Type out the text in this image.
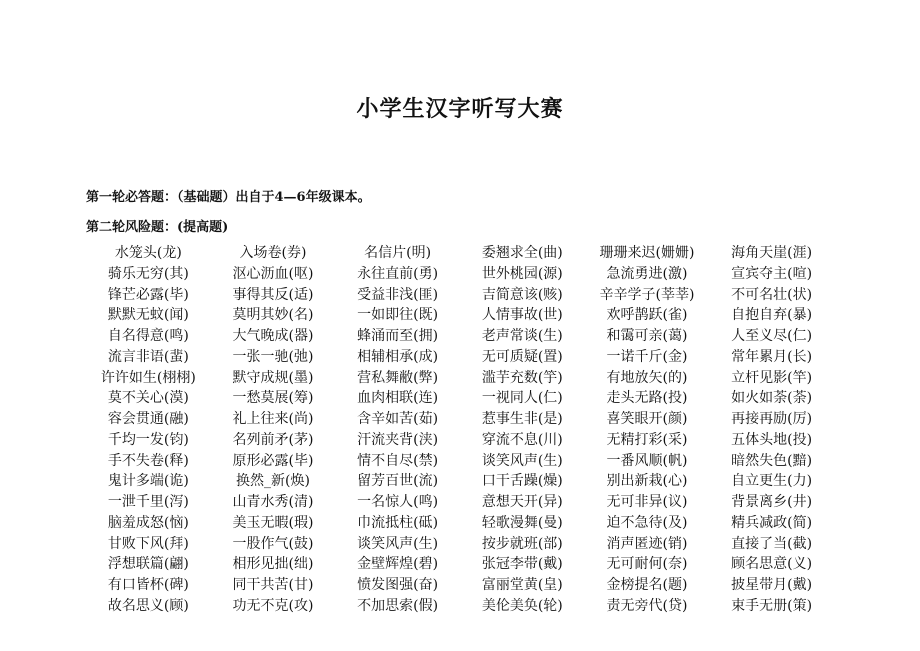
小学生汉字听写大赛
第一轮必答题：（基础题）出自于4—6年级课本。
第二轮风险题：(提高题)
水笼头(龙)	入场卷(券)	名信片(明)	委翘求全(曲)	珊珊来迟(姗姗)	海角天崖(涯)
骑乐无穷(其)	沤心沥血(呕)	永往直前(勇)	世外桃园(源)	急流勇进(激)	宣宾夺主(喧)
锋芒必露(毕)	事得其反(适)	受益非浅(匪)	吉简意该(赅)	辛辛学子(莘莘)	不可名壮(状)
默默无蚊(闻)	莫明其妙(名)	一如即往(既)	人情事故(世)	欢呼鹊跃(雀)	自抱自弃(暴)
自名得意(鸣)	大气晚成(器)	蜂涌而至(拥)	老声常谈(生)	和霭可亲(蔼)	人至义尽(仁)
流言非语(蜚)	一张一驰(弛)	相辅相承(成)	无可质疑(置)	一诺千斤(金)	常年累月(长)
许许如生(栩栩)	默守成规(墨)	营私舞敝(弊)	滥芋充数(竽)	有地放矢(的)	立杆见影(竿)
莫不关心(漠)	一愁莫展(筹)	血肉相联(连)	一视同人(仁)	走头无路(投)	如火如荼(荼)
容会贯通(融)	礼上往来(尚)	含辛如苦(茹)	惹事生非(是)	喜笑眼开(颜)	再接再励(厉)
千均一发(钧)	名列前矛(茅)	汗流夹背(浃)	穿流不息(川)	无精打彩(采)	五体头地(投)
手不失卷(释)	原形必露(毕)	情不自尽(禁)	谈笑风声(生)	一番风顺(帆)	暗然失色(黯)
鬼计多端(诡)	换然_新(焕)	留芳百世(流)	口干舌躁(燥)	别出新栽(心)	自立更生(力)
一泄千里(泻)	山青水秀(清)	一名惊人(鸣)	意想天开(异)	无可非异(议)	背景离乡(井)
脑羞成怒(恼)	美玉无暇(瑕)	巾流抵柱(砥)	轻歌漫舞(曼)	迫不急待(及)	精兵减政(简)
甘败下风(拜)	一股作气(鼓)	谈笑风声(生)	按步就班(部)	消声匿迹(销)	直接了当(截)
浮想联篇(翩)	相形见拙(绌)	金壁辉煌(碧)	张冠李带(戴)	无可耐何(奈)	顾名思意(义)
有口皆杯(碑)	同干共苦(甘)	愤发图强(奋)	富丽堂黄(皇)	金榜提名(题)	披星带月(戴)
故名思义(顾)	功无不克(攻)	不加思索(假)	美伦美奂(轮)	责无旁代(贷)	束手无册(策)
